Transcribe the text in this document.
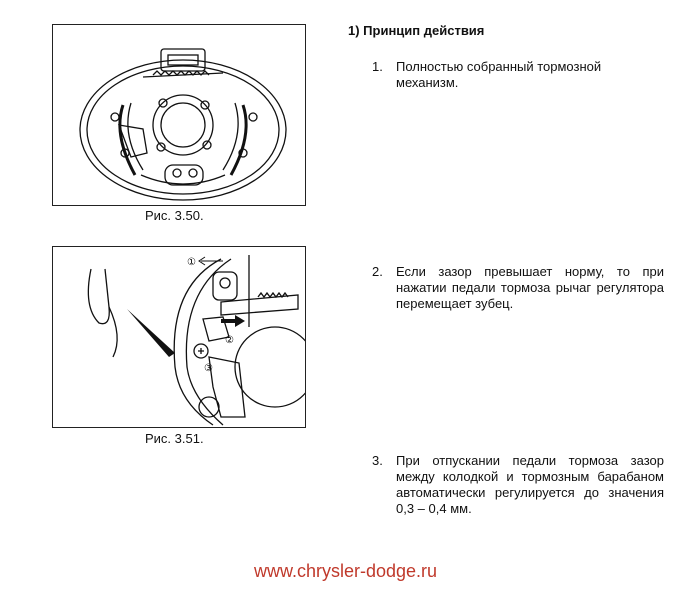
Рис. 3.50.
①
②
③
Рис. 3.51.
1) Принцип действия
1. Полностью собранный тормозной механизм.
2. Если зазор превышает норму, то при нажатии педали тормоза рычаг регулятора перемещает зубец.
3. При отпускании педали тормоза зазор между колодкой и тормозным барабаном автоматически регулируется до значения 0,3 – 0,4 мм.
www.chrysler-dodge.ru
